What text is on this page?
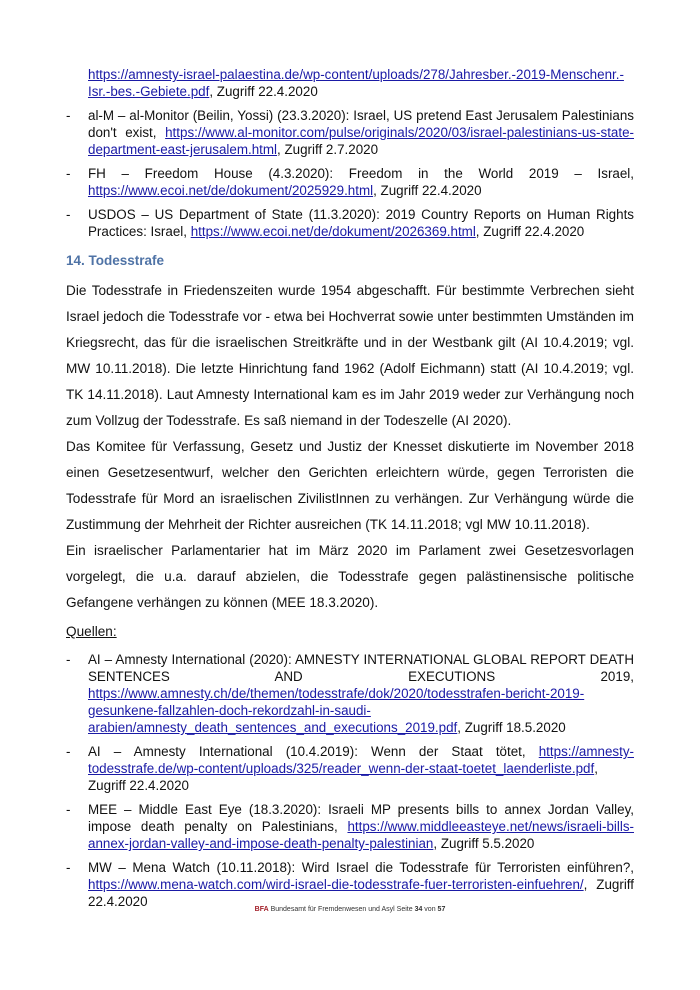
https://amnesty-israel-palaestina.de/wp-content/uploads/278/Jahresber.-2019-Menschenr.-Isr.-bes.-Gebiete.pdf, Zugriff 22.4.2020
-	al-M – al-Monitor (Beilin, Yossi) (23.3.2020): Israel, US pretend East Jerusalem Palestinians don't exist, https://www.al-monitor.com/pulse/originals/2020/03/israel-palestinians-us-state-department-east-jerusalem.html, Zugriff 2.7.2020
-	FH – Freedom House (4.3.2020): Freedom in the World 2019 – Israel, https://www.ecoi.net/de/dokument/2025929.html, Zugriff 22.4.2020
-	USDOS – US Department of State (11.3.2020): 2019 Country Reports on Human Rights Practices: Israel, https://www.ecoi.net/de/dokument/2026369.html, Zugriff 22.4.2020
14. Todesstrafe

Die Todesstrafe in Friedenszeiten wurde 1954 abgeschafft. Für bestimmte Verbrechen sieht Israel jedoch die Todesstrafe vor - etwa bei Hochverrat sowie unter bestimmten Umständen im Kriegsrecht, das für die israelischen Streitkräfte und in der Westbank gilt (AI 10.4.2019; vgl. MW 10.11.2018). Die letzte Hinrichtung fand 1962 (Adolf Eichmann) statt (AI 10.4.2019; vgl. TK 14.11.2018). Laut Amnesty International kam es im Jahr 2019 weder zur Verhängung noch zum Vollzug der Todesstrafe. Es saß niemand in der Todeszelle (AI 2020).

Das Komitee für Verfassung, Gesetz und Justiz der Knesset diskutierte im November 2018 einen Gesetzesentwurf, welcher den Gerichten erleichtern würde, gegen Terroristen die Todesstrafe für Mord an israelischen ZivilistInnen zu verhängen. Zur Verhängung würde die Zustimmung der Mehrheit der Richter ausreichen (TK 14.11.2018; vgl MW 10.11.2018).

Ein israelischer Parlamentarier hat im März 2020 im Parlament zwei Gesetzesvorlagen vorgelegt, die u.a. darauf abzielen, die Todesstrafe gegen palästinensische politische Gefangene verhängen zu können (MEE 18.3.2020).

Quellen:
-	AI – Amnesty International (2020): AMNESTY INTERNATIONAL GLOBAL REPORT DEATH SENTENCES AND EXECUTIONS 2019, https://www.amnesty.ch/de/themen/todesstrafe/dok/2020/todesstrafen-bericht-2019-gesunkene-fallzahlen-doch-rekordzahl-in-saudi-arabien/amnesty_death_sentences_and_executions_2019.pdf, Zugriff 18.5.2020
-	AI – Amnesty International (10.4.2019): Wenn der Staat tötet, https://amnesty-todesstrafe.de/wp-content/uploads/325/reader_wenn-der-staat-toetet_laenderliste.pdf, Zugriff 22.4.2020
-	MEE – Middle East Eye (18.3.2020): Israeli MP presents bills to annex Jordan Valley, impose death penalty on Palestinians, https://www.middleeasteye.net/news/israeli-bills-annex-jordan-valley-and-impose-death-penalty-palestinian, Zugriff 5.5.2020
-	MW – Mena Watch (10.11.2018): Wird Israel die Todesstrafe für Terroristen einführen?, https://www.mena-watch.com/wird-israel-die-todesstrafe-fuer-terroristen-einfuehren/, Zugriff 22.4.2020
BFA Bundesamt für Fremdenwesen und Asyl Seite 34 von 57
